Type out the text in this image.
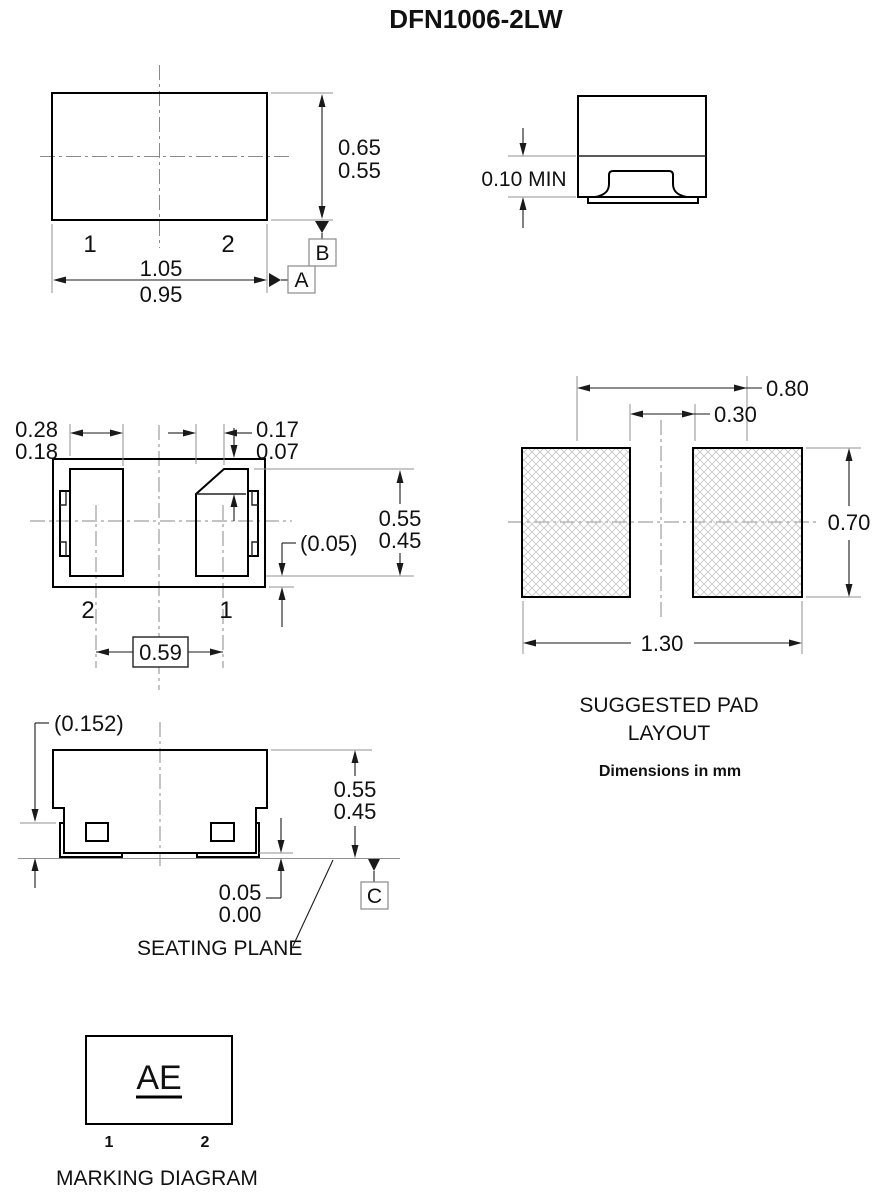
DFN1006-2LW
0.65
0.55
1.05
0.95
1	2	B
A
0.10 MIN
0.28
0.18
0.17
0.07
0.55
0.45
(0.05)
2	1
0.59
0.80
0.30
0.70
1.30
SUGGESTED PAD
LAYOUT
Dimensions in mm
(0.152)
0.55
0.45
0.05
0.00
C
SEATING PLANE
AE
1	2
MARKING DIAGRAM
